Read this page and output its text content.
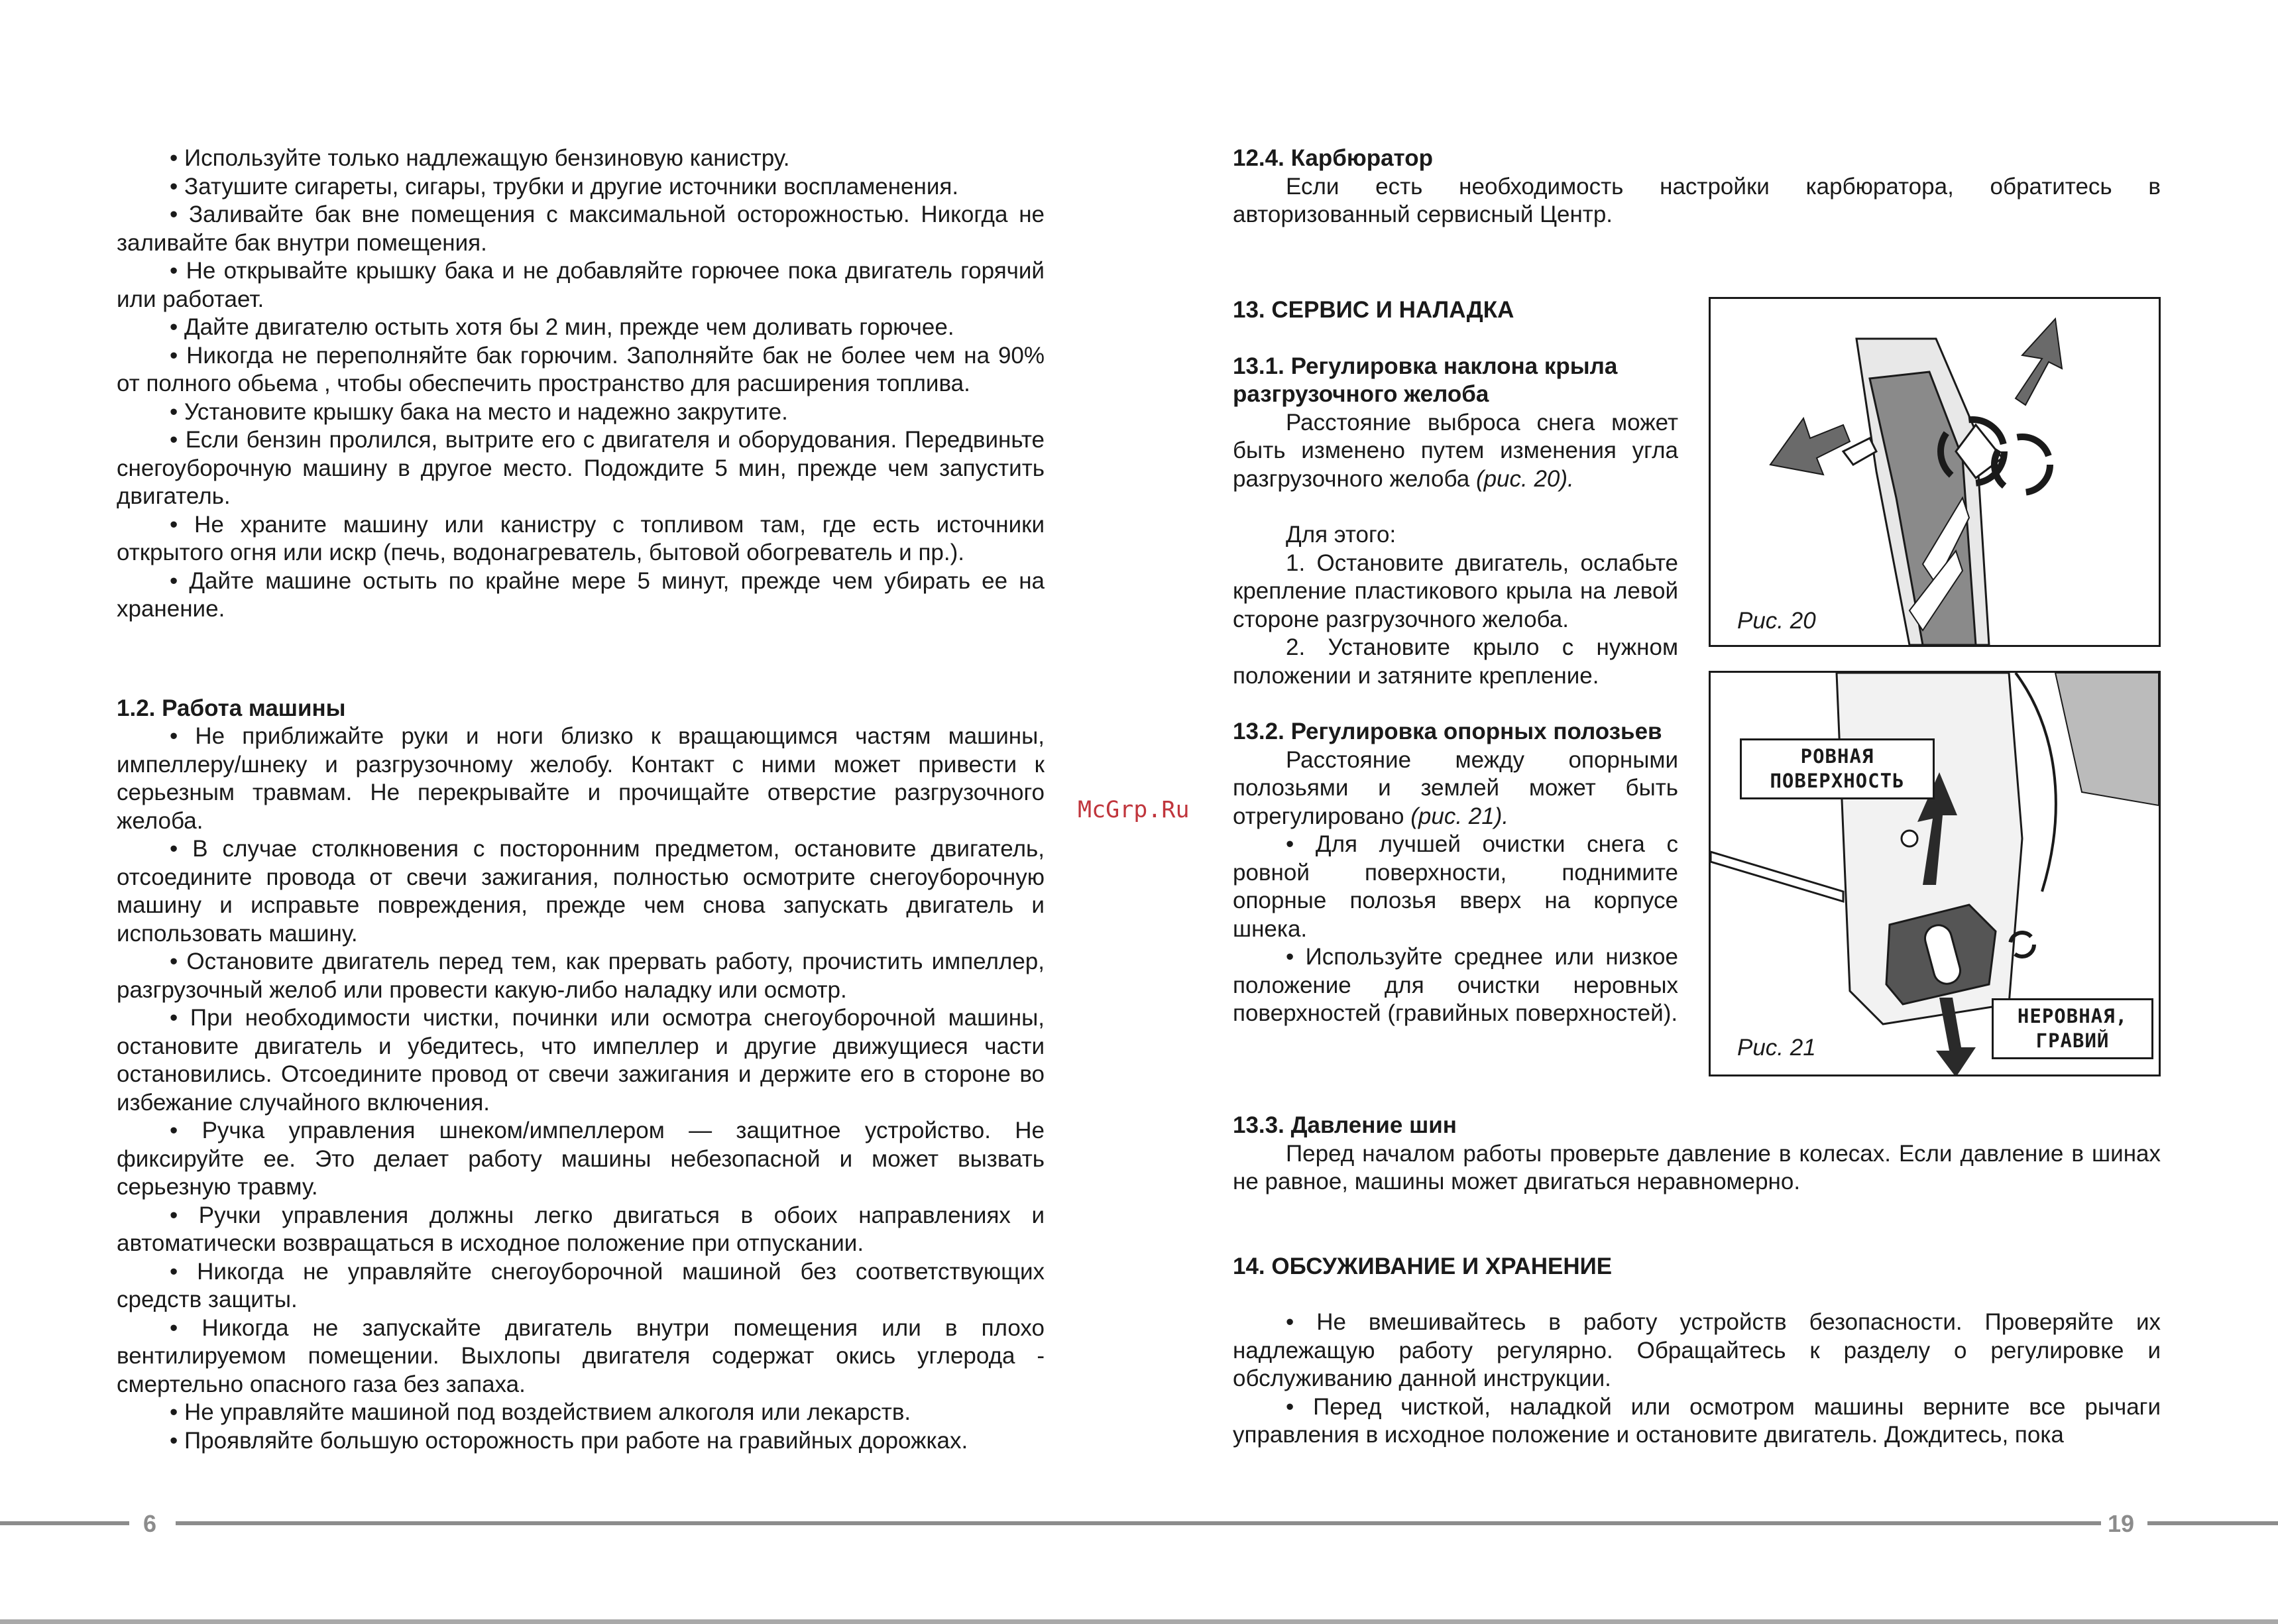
• Используйте только надлежащую бензиновую канистру.

• Затушите сигареты, сигары, трубки и другие источники воспламенения.

• Заливайте бак вне помещения с максимальной осторожностью. Никогда не заливайте бак внутри помещения.

• Не открывайте крышку бака и не добавляйте горючее пока двигатель горячий или работает.

• Дайте двигателю остыть хотя бы 2 мин, прежде чем доливать горючее.

• Никогда не переполняйте бак горючим. Заполняйте бак не более чем на 90% от полного обьема , чтобы обеспечить пространство для расширения топлива.

• Установите крышку бака на место и надежно закрутите.

• Если бензин пролился, вытрите его с двигателя и оборудования. Передвиньте снегоуборочную машину в другое место. Подождите 5 мин, прежде чем запустить двигатель.

• Не храните машину или канистру с топливом там, где есть источники открытого огня или искр (печь, водонагреватель, бытовой обогреватель и пр.).

• Дайте машине остыть по крайне мере 5 минут, прежде чем убирать ее на хранение.

1.2. Работа машины

• Не приближайте руки и ноги близко к вращающимся частям машины, импеллеру/шнеку и разгрузочному желобу. Контакт с ними может привести к серьезным травмам. Не перекрывайте и прочищайте отверстие разгрузочного желоба.

• В случае столкновения с посторонним предметом, остановите двигатель, отсоедините провода от свечи зажигания, полностью осмотрите снегоуборочную машину и исправьте повреждения, прежде чем снова запускать двигатель и использовать машину.

• Остановите двигатель перед тем, как прервать работу, прочистить импеллер, разгрузочный желоб или провести какую-либо наладку или осмотр.

• При необходимости чистки, починки или осмотра снегоуборочной машины, остановите двигатель и убедитесь, что импеллер и другие движущиеся части остановились. Отсоедините провод от свечи зажигания и держите его в стороне во избежание случайного включения.

• Ручка управления шнеком/импеллером — защитное устройство. Не фиксируйте ее. Это делает работу машины небезопасной и может вызвать серьезную травму.

• Ручки управления должны легко двигаться в обоих направлениях и автоматически возвращаться в исходное положение при отпускании.

• Никогда не управляйте снегоуборочной машиной без соответствующих средств защиты.

• Никогда не запускайте двигатель внутри помещения или в плохо вентилируемом помещении. Выхлопы двигателя содержат окись углерода - смертельно опасного газа без запаха.

• Не управляйте машиной под воздействием алкоголя или лекарств.

• Проявляйте большую осторожность при работе на гравийных дорожках.

12.4. Карбюратор

Если есть необходимость настройки карбюратора, обратитесь в авторизованный сервисный Центр.

13. СЕРВИС И НАЛАДКА

13.1. Регулировка наклона крыла разгрузочного желоба

Расстояние выброса снега может быть изменено путем изменения угла разгрузочного желоба (рис. 20).

Для этого:

1. Остановите двигатель, ослабьте крепление пластикового крыла на левой стороне разгрузочного желоба.

2. Установите крыло с нужном положении и затяните крепление.

13.2. Регулировка опорных полозьев

Расстояние между опорными полозьями и землей может быть отрегулировано (рис. 21).

• Для лучшей очистки снега с ровной поверхности, поднимите опорные полозья вверх на корпусе шнека.

• Используйте среднее или низкое положение для очистки неровных поверхностей (гравийных поверхностей).

13.3. Давление шин

Перед началом работы проверьте давление в колесах. Если давление в шинах не равное, машины может двигаться неравномерно.

14. ОБСУЖИВАНИЕ И ХРАНЕНИЕ

• Не вмешивайтесь в работу устройств безопасности. Проверяйте их надлежащую работу регулярно. Обращайтесь к разделу о регулировке и обслуживанию данной инструкции.

• Перед чисткой, наладкой или осмотром машины верните все рычаги управления в исходное положение и остановите двигатель. Дождитесь, пока

Рис. 20
РОВНАЯ ПОВЕРХНОСТЬ
НЕРОВНАЯ, ГРАВИЙ
Рис. 21
McGrp.Ru
6	19
